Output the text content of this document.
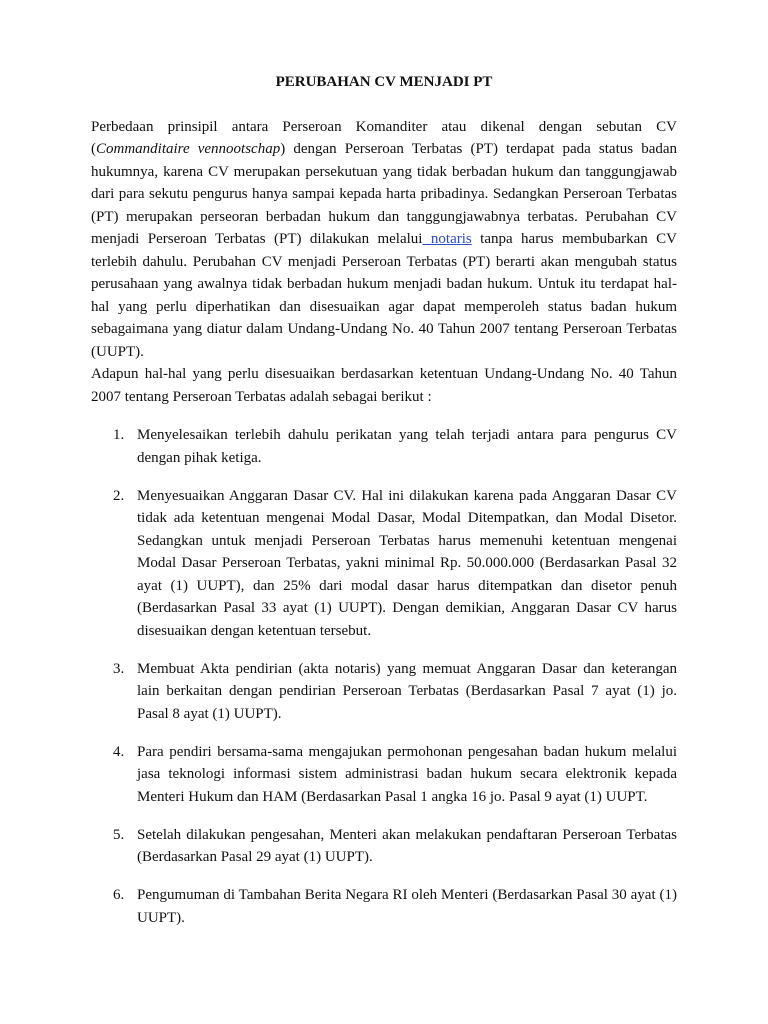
PERUBAHAN CV MENJADI PT

Perbedaan prinsipil antara Perseroan Komanditer atau dikenal dengan sebutan CV (Commanditaire vennootschap) dengan Perseroan Terbatas (PT) terdapat pada status badan hukumnya, karena CV merupakan persekutuan yang tidak berbadan hukum dan tanggungjawab dari para sekutu pengurus hanya sampai kepada harta pribadinya. Sedangkan Perseroan Terbatas (PT) merupakan perseoran berbadan hukum dan tanggungjawabnya terbatas. Perubahan CV menjadi Perseroan Terbatas (PT) dilakukan melalui notaris tanpa harus membubarkan CV terlebih dahulu. Perubahan CV menjadi Perseroan Terbatas (PT) berarti akan mengubah status perusahaan yang awalnya tidak berbadan hukum menjadi badan hukum. Untuk itu terdapat hal-hal yang perlu diperhatikan dan disesuaikan agar dapat memperoleh status badan hukum sebagaimana yang diatur dalam Undang-Undang No. 40 Tahun 2007 tentang Perseroan Terbatas (UUPT).

Adapun hal-hal yang perlu disesuaikan berdasarkan ketentuan Undang-Undang No. 40 Tahun 2007 tentang Perseroan Terbatas adalah sebagai berikut :

1. Menyelesaikan terlebih dahulu perikatan yang telah terjadi antara para pengurus CV dengan pihak ketiga.
2. Menyesuaikan Anggaran Dasar CV. Hal ini dilakukan karena pada Anggaran Dasar CV tidak ada ketentuan mengenai Modal Dasar, Modal Ditempatkan, dan Modal Disetor. Sedangkan untuk menjadi Perseroan Terbatas harus memenuhi ketentuan mengenai Modal Dasar Perseroan Terbatas, yakni minimal Rp. 50.000.000 (Berdasarkan Pasal 32 ayat (1) UUPT), dan 25% dari modal dasar harus ditempatkan dan disetor penuh (Berdasarkan Pasal 33 ayat (1) UUPT). Dengan demikian, Anggaran Dasar CV harus disesuaikan dengan ketentuan tersebut.
3. Membuat Akta pendirian (akta notaris) yang memuat Anggaran Dasar dan keterangan lain berkaitan dengan pendirian Perseroan Terbatas (Berdasarkan Pasal 7 ayat (1) jo. Pasal 8 ayat (1) UUPT).
4. Para pendiri bersama-sama mengajukan permohonan pengesahan badan hukum melalui jasa teknologi informasi sistem administrasi badan hukum secara elektronik kepada Menteri Hukum dan HAM (Berdasarkan Pasal 1 angka 16 jo. Pasal 9 ayat (1) UUPT.
5. Setelah dilakukan pengesahan, Menteri akan melakukan pendaftaran Perseroan Terbatas (Berdasarkan Pasal 29 ayat (1) UUPT).
6. Pengumuman di Tambahan Berita Negara RI oleh Menteri (Berdasarkan Pasal 30 ayat (1) UUPT).
